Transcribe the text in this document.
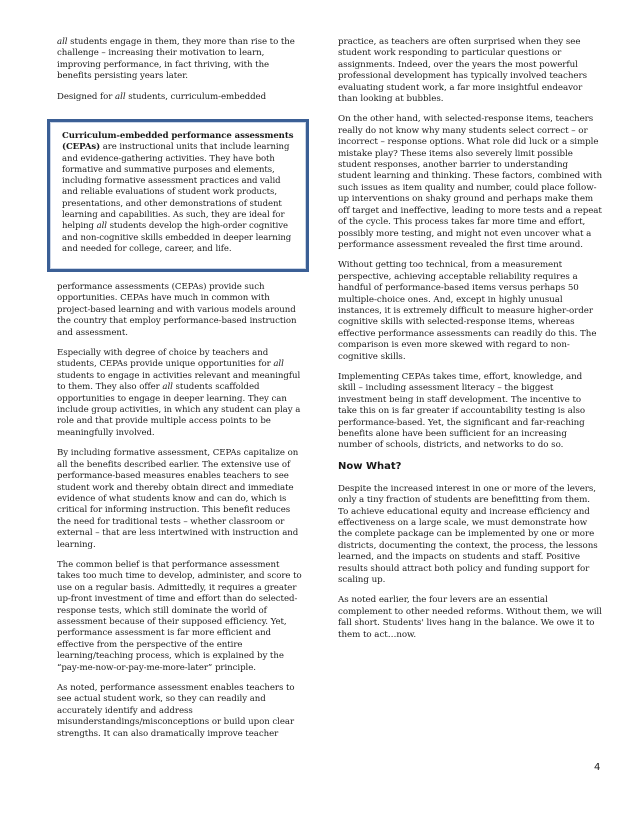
all students engage in them, they more than rise to the challenge – increasing their motivation to learn, improving performance, in fact thriving, with the benefits persisting years later.

Designed for all students, curriculum-embedded

Curriculum-embedded performance assessments (CEPAs) are instructional units that include learning and evidence-gathering activities. They have both formative and summative purposes and elements, including formative assessment practices and valid and reliable evaluations of student work products, presentations, and other demonstrations of student learning and capabilities. As such, they are ideal for helping all students develop the high-order cognitive and non-cognitive skills embedded in deeper learning and needed for college, career, and life.

performance assessments (CEPAs) provide such opportunities. CEPAs have much in common with project-based learning and with various models around the country that employ performance-based instruction and assessment.

Especially with degree of choice by teachers and students, CEPAs provide unique opportunities for all students to engage in activities relevant and meaningful to them. They also offer all students scaffolded opportunities to engage in deeper learning. They can include group activities, in which any student can play a role and that provide multiple access points to be meaningfully involved.

By including formative assessment, CEPAs capitalize on all the benefits described earlier. The extensive use of performance-based measures enables teachers to see student work and thereby obtain direct and immediate evidence of what students know and can do, which is critical for informing instruction. This benefit reduces the need for traditional tests – whether classroom or external – that are less intertwined with instruction and learning.

The common belief is that performance assessment takes too much time to develop, administer, and score to use on a regular basis. Admittedly, it requires a greater up-front investment of time and effort than do selected-response tests, which still dominate the world of assessment because of their supposed efficiency. Yet, performance assessment is far more efficient and effective from the perspective of the entire learning/teaching process, which is explained by the “pay-me-now-or-pay-me-more-later” principle.

As noted, performance assessment enables teachers to see actual student work, so they can readily and accurately identify and address misunderstandings/misconceptions or build upon clear strengths. It can also dramatically improve teacher

practice, as teachers are often surprised when they see student work responding to particular questions or assignments. Indeed, over the years the most powerful professional development has typically involved teachers evaluating student work, a far more insightful endeavor than looking at bubbles.

On the other hand, with selected-response items, teachers really do not know why many students select correct – or incorrect – response options. What role did luck or a simple mistake play? These items also severely limit possible student responses, another barrier to understanding student learning and thinking. These factors, combined with such issues as item quality and number, could place follow-up interventions on shaky ground and perhaps make them off target and ineffective, leading to more tests and a repeat of the cycle. This process takes far more time and effort, possibly more testing, and might not even uncover what a performance assessment revealed the first time around.

Without getting too technical, from a measurement perspective, achieving acceptable reliability requires a handful of performance-based items versus perhaps 50 multiple-choice ones. And, except in highly unusual instances, it is extremely difficult to measure higher-order cognitive skills with selected-response items, whereas effective performance assessments can readily do this. The comparison is even more skewed with regard to non-cognitive skills.

Implementing CEPAs takes time, effort, knowledge, and skill – including assessment literacy – the biggest investment being in staff development. The incentive to take this on is far greater if accountability testing is also performance-based. Yet, the significant and far-reaching benefits alone have been sufficient for an increasing number of schools, districts, and networks to do so.

Now What?

Despite the increased interest in one or more of the levers, only a tiny fraction of students are benefitting from them. To achieve educational equity and increase efficiency and effectiveness on a large scale, we must demonstrate how the complete package can be implemented by one or more districts, documenting the context, the process, the lessons learned, and the impacts on students and staff. Positive results should attract both policy and funding support for scaling up.

As noted earlier, the four levers are an essential complement to other needed reforms. Without them, we will fall short. Students' lives hang in the balance. We owe it to them to act…now.

4
